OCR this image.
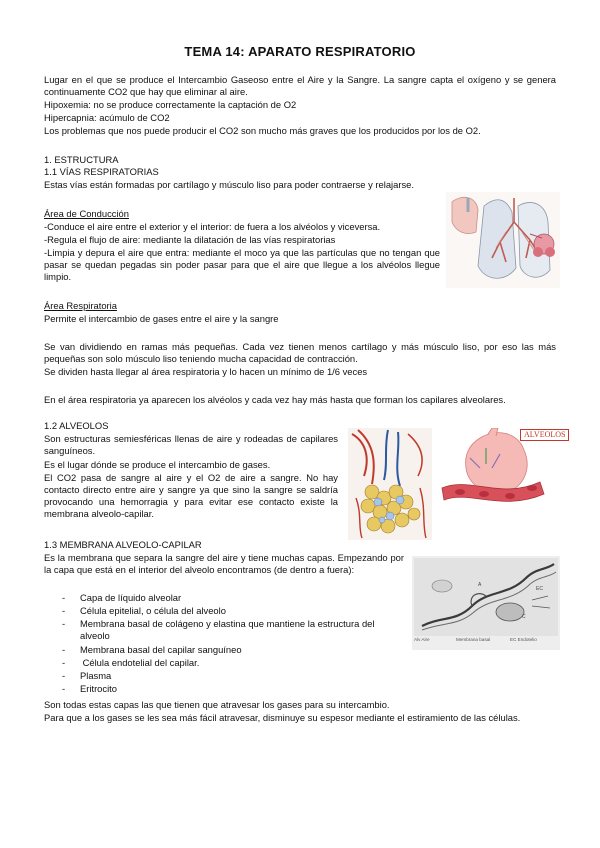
TEMA 14: APARATO RESPIRATORIO
Lugar en el que se produce el Intercambio Gaseoso entre el Aire y la Sangre. La sangre capta el oxígeno y se genera continuamente CO2 que hay que eliminar al aire.
Hipoxemia: no se produce correctamente la captación de O2
Hipercapnia: acúmulo de CO2
Los problemas que nos puede producir el CO2 son mucho más graves que los producidos por los de O2.
1. ESTRUCTURA
1.1 VÍAS RESPIRATORIAS
Estas vías están formadas por cartílago y músculo liso para poder contraerse y relajarse.
Área de Conducción
-Conduce el aire entre el exterior y el interior: de fuera a los alvéolos y viceversa.
-Regula el flujo de aire: mediante la dilatación de las vías respiratorias
-Limpia y depura el aire que entra: mediante el moco ya que las partículas que no tengan que pasar se quedan pegadas sin poder pasar para que el aire que llegue a los alvéolos llegue limpio.
Área Respiratoria
Permite el intercambio de gases entre el aire y la sangre
Se van dividiendo en ramas más pequeñas. Cada vez tienen menos cartílago y más músculo liso, por eso las más pequeñas son solo músculo liso teniendo mucha capacidad de contracción.
Se dividen hasta llegar al área respiratoria y lo hacen un mínimo de 1/6 veces
En el área respiratoria ya aparecen los alvéolos y cada vez hay más hasta que forman los capilares alveolares.
1.2 ALVEOLOS
Son estructuras semiesféricas llenas de aire y rodeadas de capilares sanguíneos.
Es el lugar dónde se produce el intercambio de gases.
El CO2 pasa de sangre al aire y el O2 de aire a sangre. No hay contacto directo entre aire y sangre ya que sino la sangre se saldría provocando una hemorragia y para evitar ese contacto existe la membrana alveolo-capilar.
1.3 MEMBRANA ALVEOLO-CAPILAR
Es la membrana que separa la sangre del aire y tiene muchas capas. Empezando por la capa que está en el interior del alveolo encontramos (de dentro a fuera):
- Capa de líquido alveolar
- Célula epitelial, o célula del alveolo
- Membrana basal de colágeno y elastina que mantiene la estructura del alveolo
- Membrana basal del capilar sanguíneo
- Célula endotelial del capilar.
- Plasma
- Eritrocito
Son todas estas capas las que tienen que atravesar los gases para su intercambio.
Para que a los gases se les sea más fácil atravesar, disminuye su espesor mediante el estiramiento de las células.
ALVEOLOS
A
C
EC
Alv Aire	Membrana basal	EC Endotelio
